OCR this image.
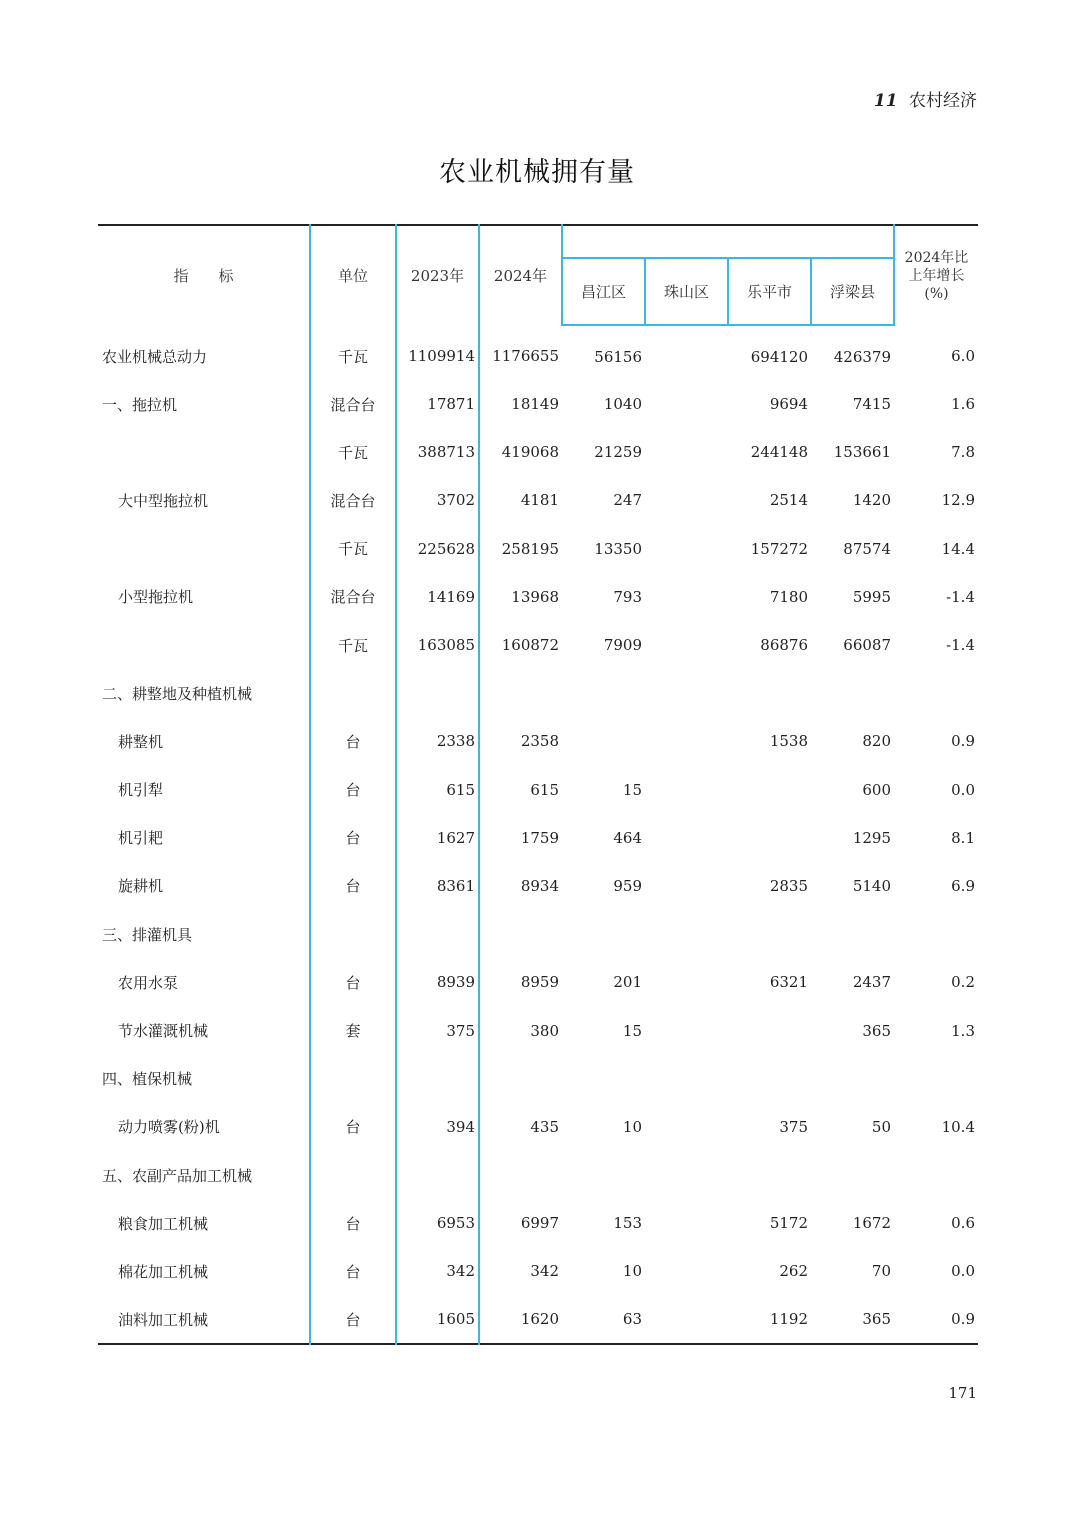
11 农村经济
农业机械拥有量
指　　标	单位	2023年	2024年					2024年比
上年增长
(%)

				昌江区	珠山区	乐平市	浮梁县	
农业机械总动力	千瓦	1109914	1176655	56156		694120	426379	6.0
一、拖拉机	混合台	17871	18149	1040		9694	7415	1.6
	千瓦	388713	419068	21259		244148	153661	7.8
大中型拖拉机	混合台	3702	4181	247		2514	1420	12.9
	千瓦	225628	258195	13350		157272	87574	14.4
小型拖拉机	混合台	14169	13968	793		7180	5995	-1.4
	千瓦	163085	160872	7909		86876	66087	-1.4
二、耕整地及种植机械								
耕整机	台	2338	2358			1538	820	0.9
机引犁	台	615	615	15			600	0.0
机引耙	台	1627	1759	464			1295	8.1
旋耕机	台	8361	8934	959		2835	5140	6.9
三、排灌机具								
农用水泵	台	8939	8959	201		6321	2437	0.2
节水灌溉机械	套	375	380	15			365	1.3
四、植保机械								
动力喷雾(粉)机	台	394	435	10		375	50	10.4
五、农副产品加工机械								
粮食加工机械	台	6953	6997	153		5172	1672	0.6
棉花加工机械	台	342	342	10		262	70	0.0
油料加工机械	台	1605	1620	63		1192	365	0.9
171
